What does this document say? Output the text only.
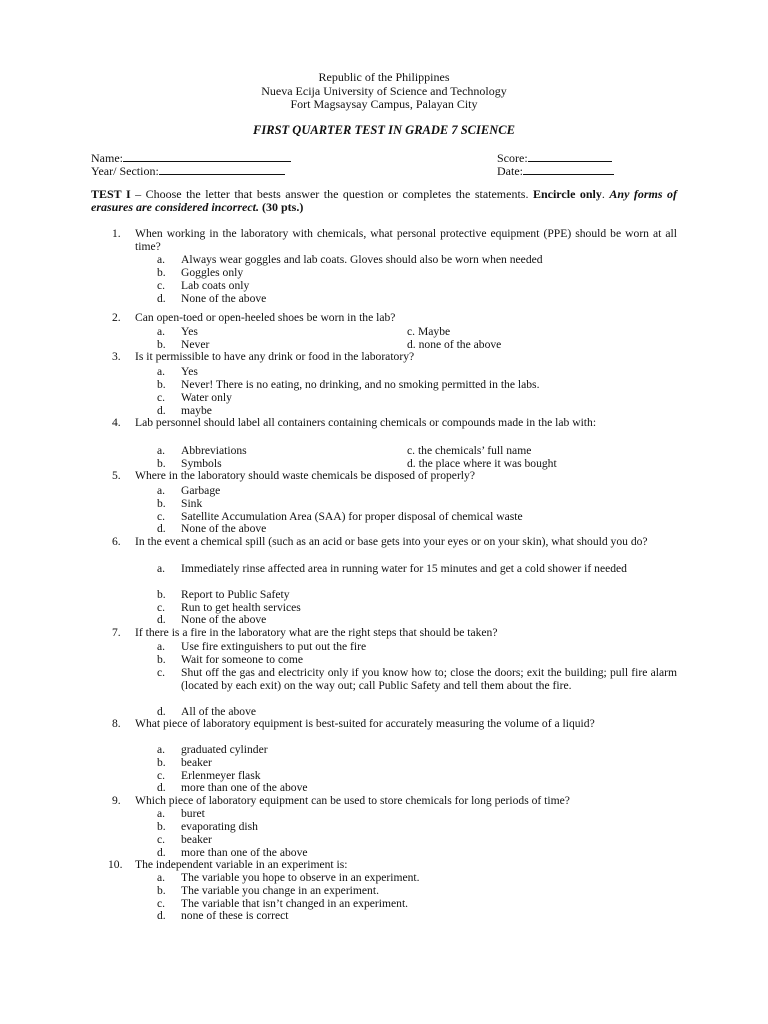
Republic of the Philippines
Nueva Ecija University of Science and Technology
Fort Magsaysay Campus, Palayan City
FIRST QUARTER TEST IN GRADE 7 SCIENCE
Name:
Year/ Section:
Score:
Date:
TEST I – Choose the letter that bests answer the question or completes the statements. Encircle only. Any forms of erasures are considered incorrect. (30 pts.)
1.	When working in the laboratory with chemicals, what personal protective equipment (PPE) should be worn at all time?
a. Always wear goggles and lab coats. Gloves should also be worn when needed
b. Goggles only
c. Lab coats only
d. None of the above
2.	Can open-toed or open-heeled shoes be worn in the lab?
a. Yes
b. Never
c. Maybe
d. none of the above
3.	Is it permissible to have any drink or food in the laboratory?
a. Yes
b. Never! There is no eating, no drinking, and no smoking permitted in the labs.
c. Water only
d. maybe
4.	Lab personnel should label all containers containing chemicals or compounds made in the lab with:
a. Abbreviations
b. Symbols
c. the chemicals’ full name
d. the place where it was bought
5.	Where in the laboratory should waste chemicals be disposed of properly?
a. Garbage
b. Sink
c. Satellite Accumulation Area (SAA) for proper disposal of chemical waste
d. None of the above
6.	In the event a chemical spill (such as an acid or base gets into your eyes or on your skin), what should you do?
a. Immediately rinse affected area in running water for 15 minutes and get a cold shower if needed
b. Report to Public Safety
c. Run to get health services
d. None of the above
7.	If there is a fire in the laboratory what are the right steps that should be taken?
a. Use fire extinguishers to put out the fire
b. Wait for someone to come
c. Shut off the gas and electricity only if you know how to; close the doors; exit the building; pull fire alarm (located by each exit) on the way out; call Public Safety and tell them about the fire.
d. All of the above
8.	What piece of laboratory equipment is best-suited for accurately measuring the volume of a liquid?
a. graduated cylinder
b. beaker
c. Erlenmeyer flask
d. more than one of the above
9.	Which piece of laboratory equipment can be used to store chemicals for long periods of time?
a. buret
b. evaporating dish
c. beaker
d. more than one of the above
10.	The independent variable in an experiment is:
a. The variable you hope to observe in an experiment.
b. The variable you change in an experiment.
c. The variable that isn’t changed in an experiment.
d. none of these is correct
